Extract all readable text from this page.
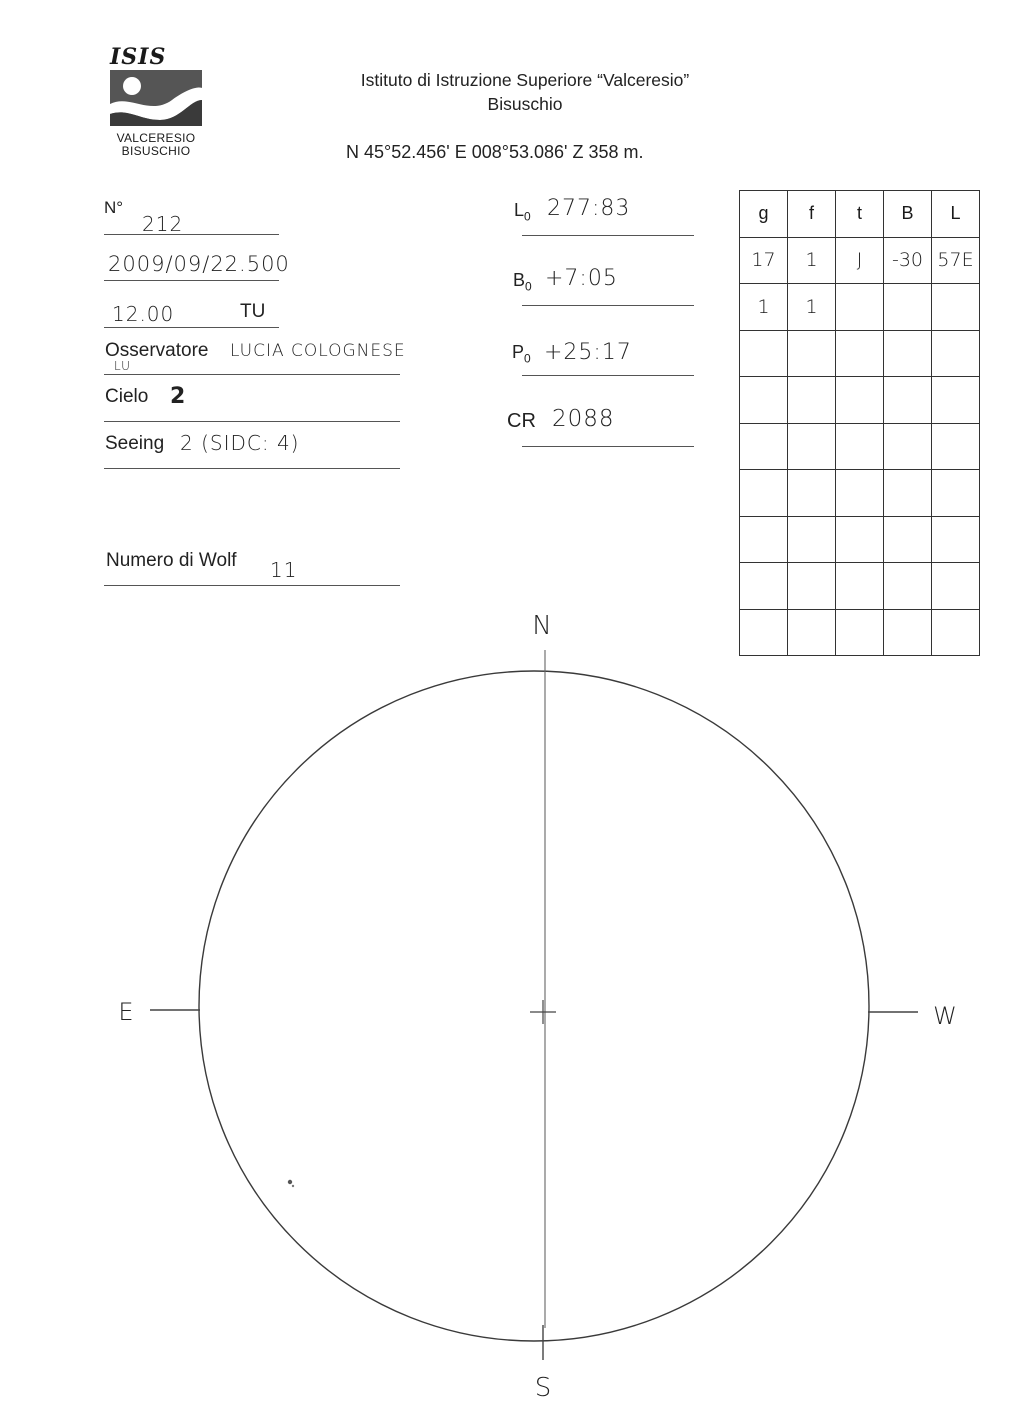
ISIS
VALCERESIO
BISUSCHIO
Istituto di Istruzione Superiore “Valceresio”
Bisuschio
N 45°52.456' E 008°53.086' Z 358 m.
N°
212
2009/09/22.500
12.00	TU
Osservatore LUCIA COLOGNESE
LU
Cielo 2
Seeing 2 (SIDC: 4)
Numero di Wolf 11
$L_0$ 277:83
$B_0$ +7:05
$P_0$ +25:17
CR 2088
g	f	t	B	L
17	1	J	-30	57E
1	1			

N
S
E	W
